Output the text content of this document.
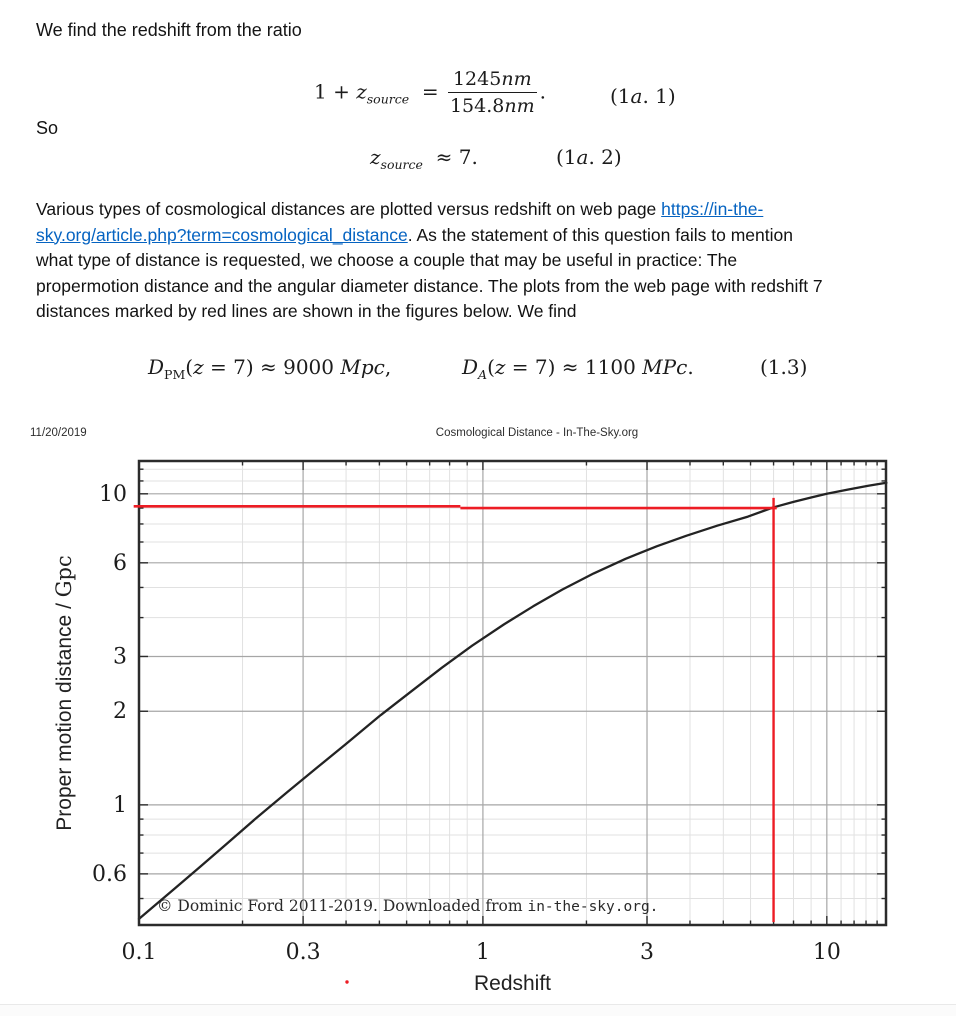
We find the redshift from the ratio
$1 + z_{source} = \frac{1245nm}{154.8nm}$ .	(1a. 1)
So
$z_{source} \approx 7$.	(1a. 2)
Various types of cosmological distances are plotted versus redshift on web page https://in-the-
sky.org/article.php?term=cosmological_distance. As the statement of this question fails to mention
what type of distance is requested, we choose a couple that may be useful in practice: The
propermotion distance and the angular diameter distance. The plots from the web page with redshift 7
distances marked by red lines are shown in the figures below. We find
$D_{PM}(z = 7) \approx 9000$ Mpc,	$D_A(z = 7) \approx 1100$ MPc.	(1.3)
11/20/2019	Cosmological Distance - In-The-Sky.org
0.1	0.3	1	3	10
0.6
1
2
3
6
10
Redshift
Proper motion distance / Gpc
© Dominic Ford 2011-2019. Downloaded from in-the-sky.org.
